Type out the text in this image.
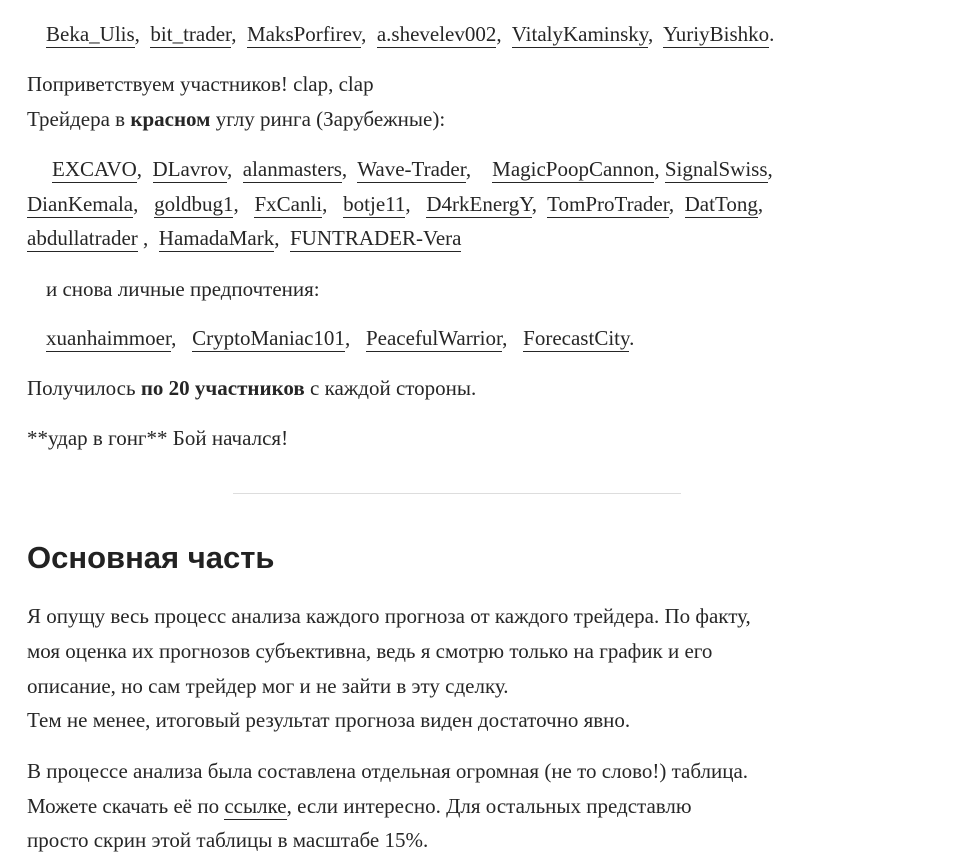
Beka_Ulis,  bit_trader,  MaksPorfirev,  a.shevelev002,  VitalyKaminsky,  YuriyBishko.
Поприветствуем участников! clap, clap
Трейдера в красном углу ринга (Зарубежные):
EXCAVO,  DLavrov,  alanmasters,  Wave-Trader,    MagicPoopCannon, SignalSwiss,
DianKemala,   goldbug1,   FxCanli,   botje11,   D4rkEnergY,  TomProTrader,  DatTong,
abdullatrader ,  HamadaMark,  FUNTRADER-Vera
и снова личные предпочтения:
xuanhaimmoer,   CryptoManiac101,   PeacefulWarrior,   ForecastCity.
Получилось по 20 участников с каждой стороны.
**удар в гонг** Бой начался!
Основная часть
Я опущу весь процесс анализа каждого прогноза от каждого трейдера. По факту,
моя оценка их прогнозов субъективна, ведь я смотрю только на график и его
описание, но сам трейдер мог и не зайти в эту сделку.
Тем не менее, итоговый результат прогноза виден достаточно явно.
В процессе анализа была составлена отдельная огромная (не то слово!) таблица.
Можете скачать её по ссылке, если интересно. Для остальных представлю
просто скрин этой таблицы в масштабе 15%.
